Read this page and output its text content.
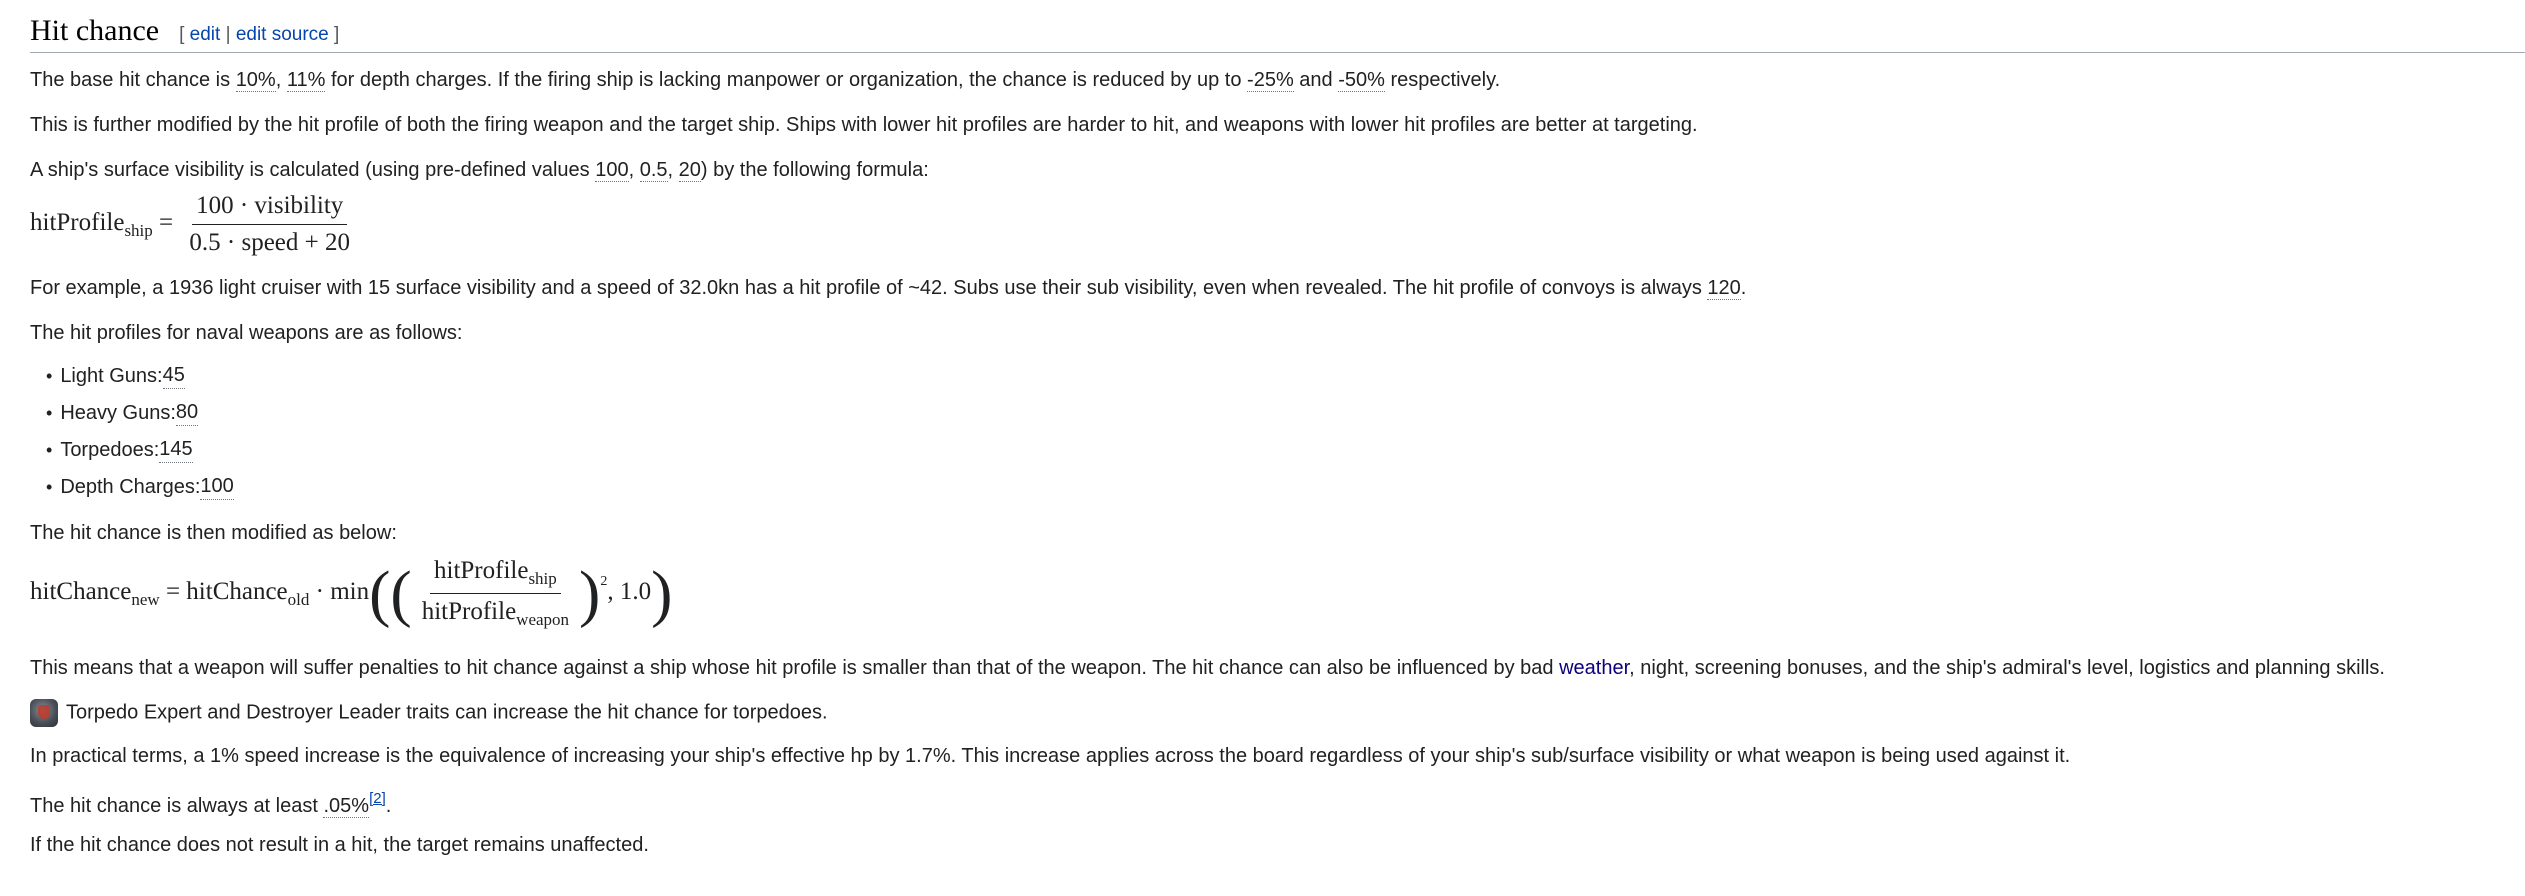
Hit chance [ edit | edit source ]
The base hit chance is 10%, 11% for depth charges. If the firing ship is lacking manpower or organization, the chance is reduced by up to -25% and -50% respectively.
This is further modified by the hit profile of both the firing weapon and the target ship. Ships with lower hit profiles are harder to hit, and weapons with lower hit profiles are better at targeting.
A ship's surface visibility is calculated (using pre-defined values 100, 0.5, 20) by the following formula:
hitProfile$_{ship}$ = $\frac{\text{100 · visibility}}{\text{0.5 · speed + 20}}$
For example, a 1936 light cruiser with 15 surface visibility and a speed of 32.0kn has a hit profile of ~42. Subs use their sub visibility, even when revealed. The hit profile of convoys is always 120.
The hit profiles for naval weapons are as follows:
• Light Guns: 45
• Heavy Guns: 80
• Torpedoes: 145
• Depth Charges: 100
The hit chance is then modified as below:
hitChance$_{new}$ = hitChance$_{old}$ · $\min(( \frac{hitProfile_{ship}}{hitProfile_{weapon}} )^2$, 1.0)
This means that a weapon will suffer penalties to hit chance against a ship whose hit profile is smaller than that of the weapon. The hit chance can also be influenced by bad weather, night, screening bonuses, and the ship's admiral's level, logistics and planning skills.
Torpedo Expert and Destroyer Leader traits can increase the hit chance for torpedoes.
In practical terms, a 1% speed increase is the equivalence of increasing your ship's effective hp by 1.7%. This increase applies across the board regardless of your ship's sub/surface visibility or what weapon is being used against it.
The hit chance is always at least .05%[2].
If the hit chance does not result in a hit, the target remains unaffected.
